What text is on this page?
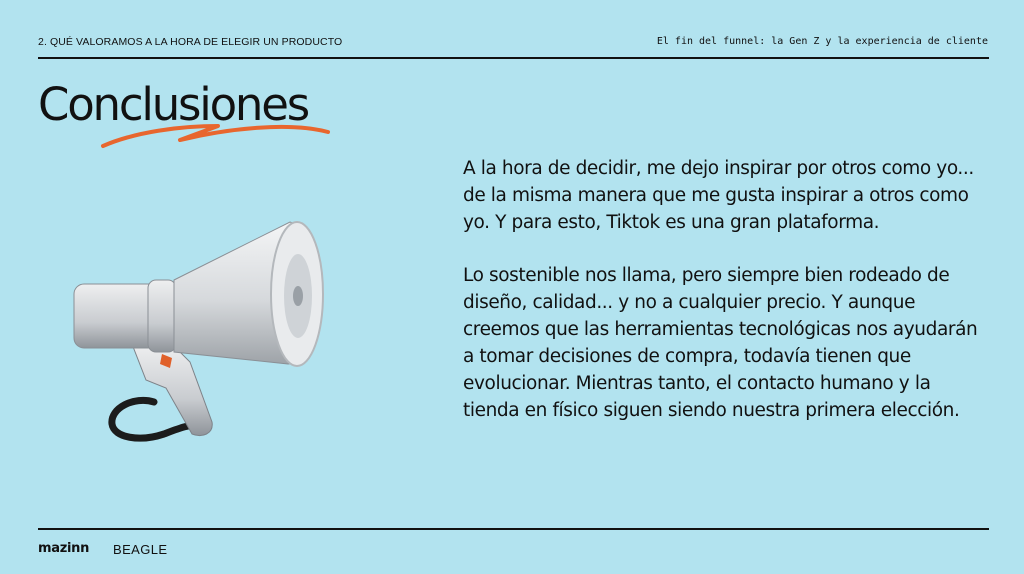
2. QUÉ VALORAMOS A LA HORA DE ELEGIR UN PRODUCTO	El fin del funnel: la Gen Z y la experiencia de cliente
Conclusiones

A la hora de decidir, me dejo inspirar por otros como yo... de la misma manera que me gusta inspirar a otros como yo. Y para esto, Tiktok es una gran plataforma.

Lo sostenible nos llama, pero siempre bien rodeado de diseño, calidad... y no a cualquier precio. Y aunque creemos que las herramientas tecnológicas nos ayudarán a tomar decisiones de compra, todavía tienen que evolucionar. Mientras tanto, el contacto humano y la tienda en físico siguen siendo nuestra primera elección.

mazinn BEAGLE
